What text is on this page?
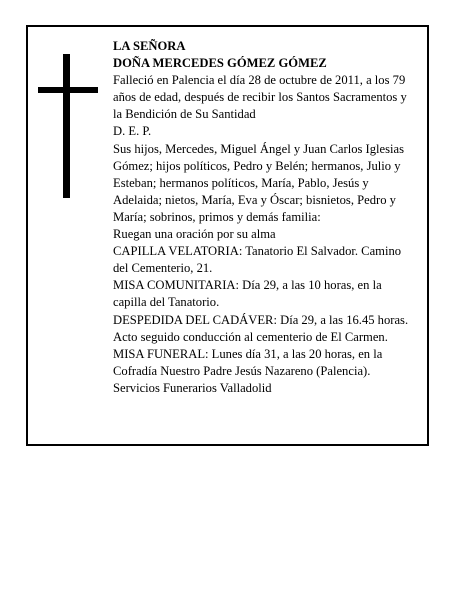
LA SEÑORA

DOÑA MERCEDES GÓMEZ GÓMEZ

Falleció en Palencia el día 28 de octubre de 2011, a los 79 años de edad, después de recibir los Santos Sacramentos y la Bendición de Su Santidad

D. E. P.

Sus hijos, Mercedes, Miguel Ángel y Juan Carlos Iglesias Gómez; hijos políticos, Pedro y Belén; hermanos, Julio y Esteban; hermanos políticos, María, Pablo, Jesús y Adelaida; nietos, María, Eva y Óscar; bisnietos, Pedro y María; sobrinos, primos y demás familia:

Ruegan una oración por su alma

CAPILLA VELATORIA: Tanatorio El Salvador. Camino del Cementerio, 21.

MISA COMUNITARIA: Día 29, a las 10 horas, en la capilla del Tanatorio.

DESPEDIDA DEL CADÁVER: Día 29, a las 16.45 horas. Acto seguido conducción al cementerio de El Carmen.

MISA FUNERAL: Lunes día 31, a las 20 horas, en la Cofradía Nuestro Padre Jesús Nazareno (Palencia).

Servicios Funerarios Valladolid
